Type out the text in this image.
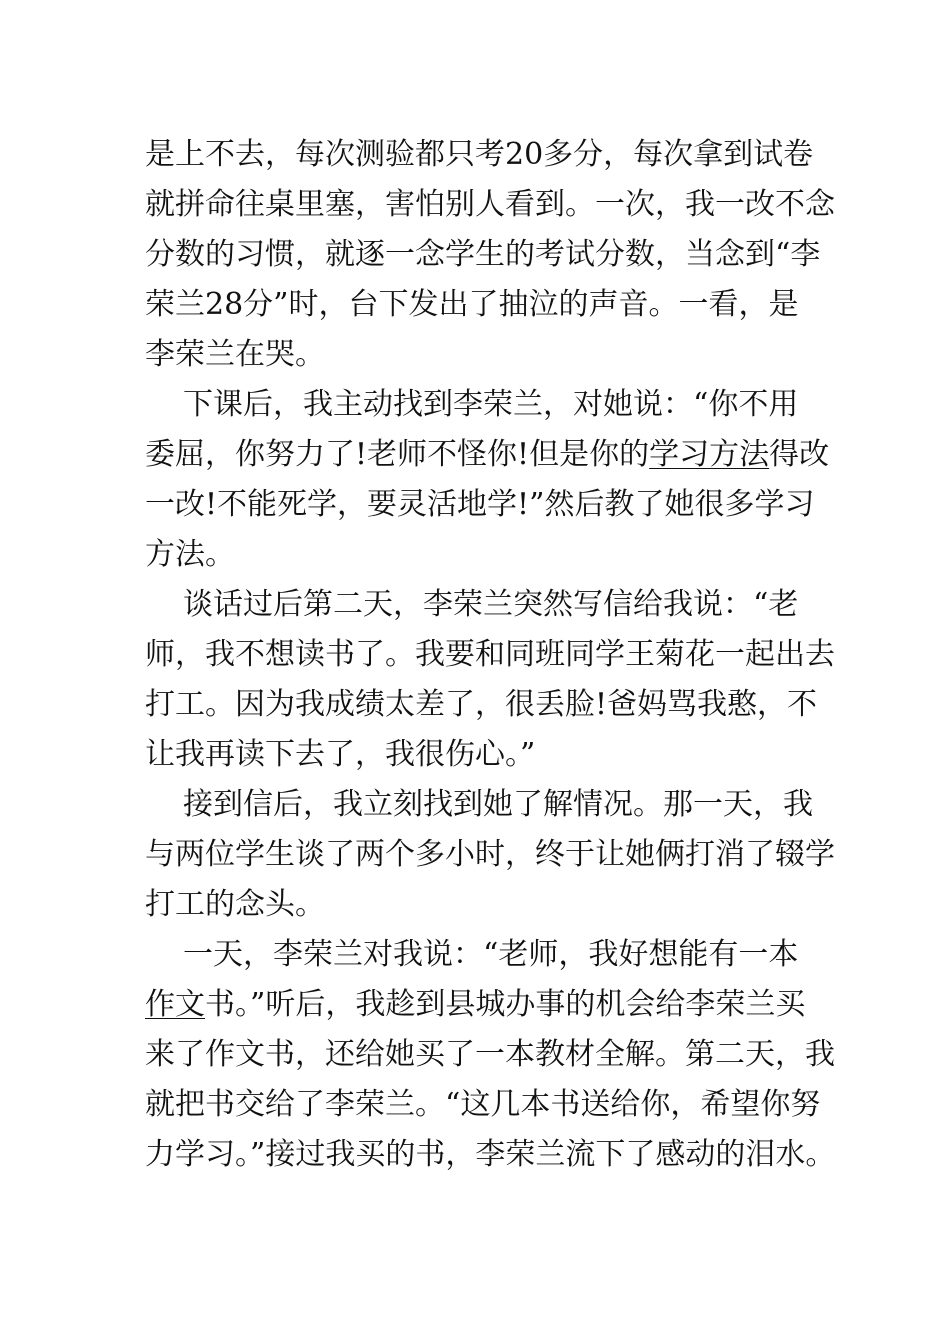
是上不去，每次测验都只考20多分，每次拿到试卷
就拼命往桌里塞，害怕别人看到。一次，我一改不念
分数的习惯，就逐一念学生的考试分数，当念到“李
荣兰28分”时，台下发出了抽泣的声音。一看，是
李荣兰在哭。
下课后，我主动找到李荣兰，对她说：“你不用
委屈，你努力了!老师不怪你!但是你的学习方法得改
一改!不能死学，要灵活地学!”然后教了她很多学习
方法。
谈话过后第二天，李荣兰突然写信给我说：“老
师，我不想读书了。我要和同班同学王菊花一起出去
打工。因为我成绩太差了，很丢脸!爸妈骂我憨，不
让我再读下去了，我很伤心。”
接到信后，我立刻找到她了解情况。那一天，我
与两位学生谈了两个多小时，终于让她俩打消了辍学
打工的念头。
一天，李荣兰对我说：“老师，我好想能有一本
作文书。”听后，我趁到县城办事的机会给李荣兰买
来了作文书，还给她买了一本教材全解。第二天，我
就把书交给了李荣兰。“这几本书送给你，希望你努
力学习。”接过我买的书，李荣兰流下了感动的泪水。
